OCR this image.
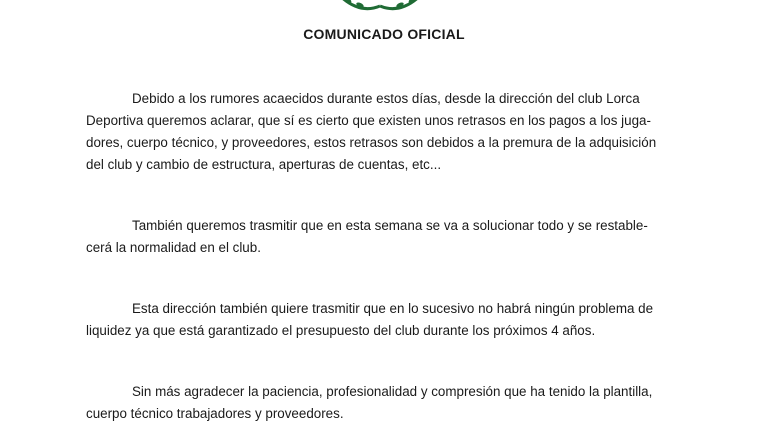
COMUNICADO OFICIAL
Debido a los rumores acaecidos durante estos días, desde la dirección del club Lorca
Deportiva queremos aclarar, que sí es cierto que existen unos retrasos en los pagos a los juga-
dores, cuerpo técnico, y proveedores, estos retrasos son debidos a la premura de la adquisición
del club y cambio de estructura, aperturas de cuentas, etc...
También queremos trasmitir que en esta semana se va a solucionar todo y se restable-
cerá la normalidad en el club.
Esta dirección también quiere trasmitir que en lo sucesivo no habrá ningún problema de
liquidez ya que está garantizado el presupuesto del club durante los próximos 4 años.
Sin más agradecer la paciencia, profesionalidad y compresión que ha tenido la plantilla,
cuerpo técnico trabajadores y proveedores.
